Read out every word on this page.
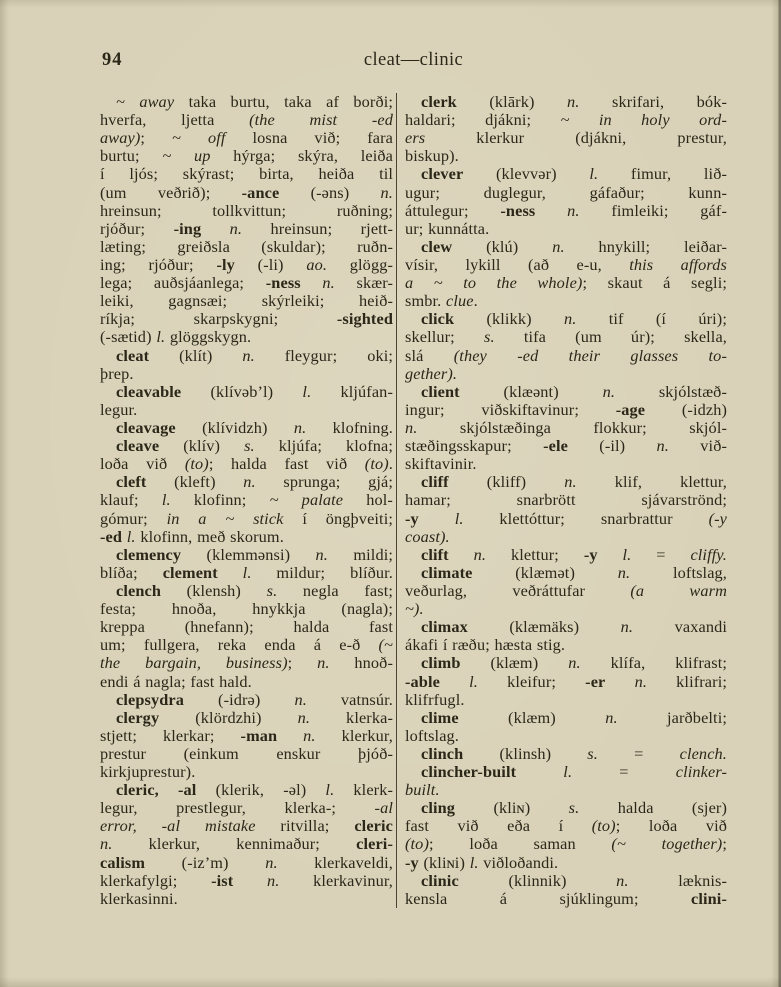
94	cleat—clinic
~ away taka burtu, taka af borði;
hverfa, ljetta (the mist -ed
away); ~ off losna við; fara
burtu; ~ up hýrga; skýra, leiða
í ljós; skýrast; birta, heiða til
(um veðrið); -ance (-əns) n.
hreinsun; tollkvittun; ruðning;
rjóður; -ing n. hreinsun; rjett-
læting; greiðsla (skuldar); ruðn-
ing; rjóður; -ly (-li) ao. glögg-
lega; auðsjáanlega; -ness n. skær-
leiki, gagnsæi; skýrleiki; heið-
ríkja; skarpskygni; -sighted
(-sætid) l. glöggskygn.
cleat (klít) n. fleygur; oki;
þrep.
cleavable (klívəb’l) l. kljúfan-
legur.
cleavage (klívidzh) n. klofning.
cleave (klív) s. kljúfa; klofna;
loða við (to); halda fast við (to).
cleft (kleft) n. sprunga; gjá;
klauf; l. klofinn; ~ palate hol-
gómur; in a ~ stick í öngþveiti;
-ed l. klofinn, með skorum.
clemency (klemmənsi) n. mildi;
blíða; clement l. mildur; blíður.
clench (klensh) s. negla fast;
festa; hnoða, hnykkja (nagla);
kreppa (hnefann); halda fast
um; fullgera, reka enda á e-ð (~
the bargain, business); n. hnoð-
endi á nagla; fast hald.
clepsydra (-idrə) n. vatnsúr.
clergy (klördzhi) n. klerka-
stjett; klerkar; -man n. klerkur,
prestur (einkum enskur þjóð-
kirkjuprestur).
cleric, -al (klerik, -əl) l. klerk-
legur, prestlegur, klerka-; -al
error, -al mistake ritvilla; cleric
n. klerkur, kennimaður; cleri-
calism (-iz’m) n. klerkaveldi,
klerkafylgi; -ist n. klerkavinur,
klerkasinni.
clerk (klārk) n. skrifari, bók-
haldari; djákni; ~ in holy ord-
ers klerkur (djákni, prestur,
biskup).
clever (klevvər) l. fimur, lið-
ugur; duglegur, gáfaður; kunn-
áttulegur; -ness n. fimleiki; gáf-
ur; kunnátta.
clew (klú) n. hnykill; leiðar-
vísir, lykill (að e-u, this affords
a ~ to the whole); skaut á segli;
smbr. clue.
click (klikk) n. tif (í úri);
skellur; s. tifa (um úr); skella,
slá (they -ed their glasses to-
gether).
client (klæənt) n. skjólstæð-
ingur; viðskiftavinur; -age (-idzh)
n. skjólstæðinga flokkur; skjól-
stæðingsskapur; -ele (-il) n. við-
skiftavinir.
cliff (kliff) n. klif, klettur,
hamar; snarbrött sjávarströnd;
-y l. klettóttur; snarbrattur (-y
coast).
clift n. klettur; -y l. = cliffy.
climate (klæmət) n. loftslag,
veðurlag, veðráttufar (a warm
~).
climax (klæmäks) n. vaxandi
ákafi í ræðu; hæsta stig.
climb (klæm) n. klífa, klifrast;
-able l. kleifur; -er n. klifrari;
klifrfugl.
clime (klæm) n. jarðbelti;
loftslag.
clinch (klinsh) s. = clench.
clincher-built	l. = clinker-
built.
cling (kliɴ) s. halda (sjer)
fast við eða í (to); loða við
(to); loða saman (~ together);
-y (kliɴi) l. viðloðandi.
clinic (klinnik) n. læknis-
kensla á sjúklingum; clini-
